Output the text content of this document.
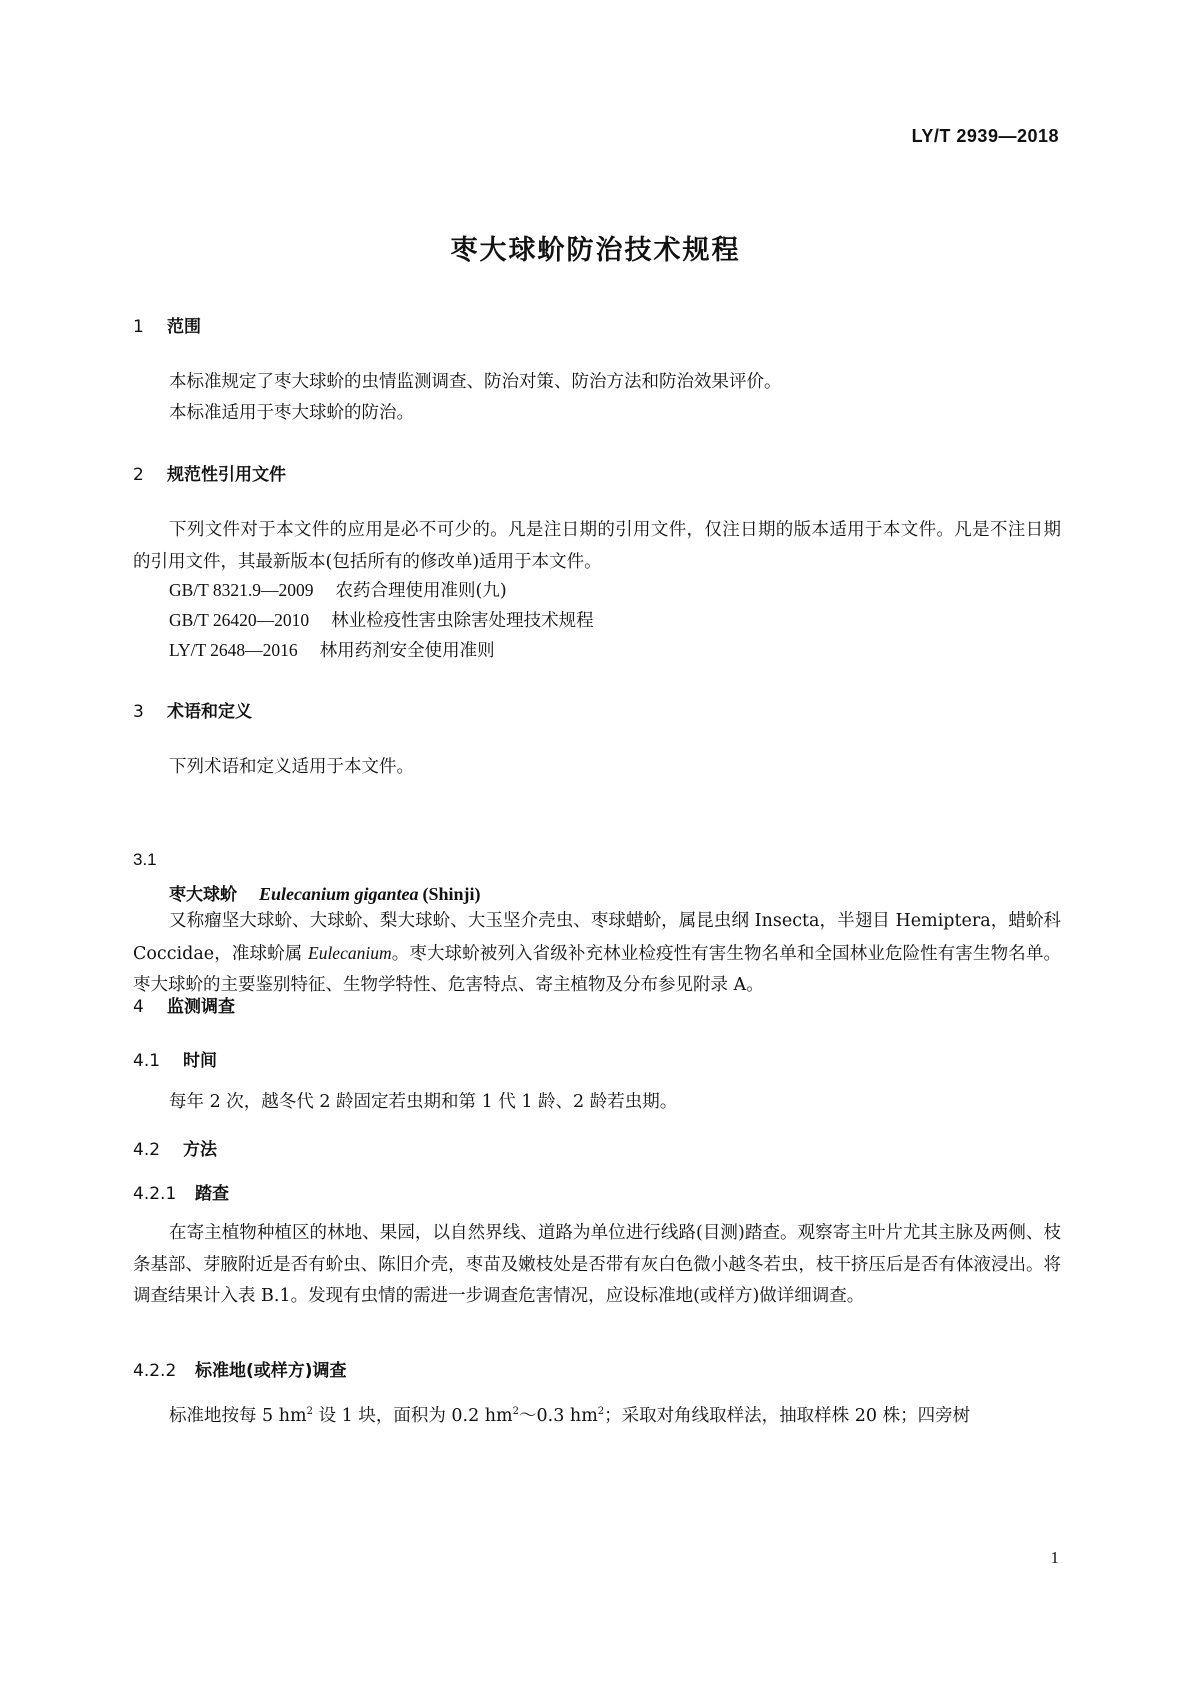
LY/T 2939—2018
枣大球蚧防治技术规程
1 范围
本标准规定了枣大球蚧的虫情监测调查、防治对策、防治方法和防治效果评价。
本标准适用于枣大球蚧的防治。
2 规范性引用文件
下列文件对于本文件的应用是必不可少的。凡是注日期的引用文件，仅注日期的版本适用于本文件。凡是不注日期的引用文件，其最新版本(包括所有的修改单)适用于本文件。
GB/T 8321.9—2009 农药合理使用准则(九)
GB/T 26420—2010 林业检疫性害虫除害处理技术规程
LY/T 2648—2016 林用药剂安全使用准则
3 术语和定义
下列术语和定义适用于本文件。
3.1
枣大球蚧 Eulecanium gigantea (Shinji)
又称瘤坚大球蚧、大球蚧、梨大球蚧、大玉坚介壳虫、枣球蜡蚧，属昆虫纲 Insecta，半翅目 Hemiptera，蜡蚧科 Coccidae，准球蚧属 Eulecanium。枣大球蚧被列入省级补充林业检疫性有害生物名单和全国林业危险性有害生物名单。枣大球蚧的主要鉴别特征、生物学特性、危害特点、寄主植物及分布参见附录 A。
4 监测调查
4.1 时间
每年 2 次，越冬代 2 龄固定若虫期和第 1 代 1 龄、2 龄若虫期。
4.2 方法
4.2.1 踏查
在寄主植物种植区的林地、果园，以自然界线、道路为单位进行线路(目测)踏查。观察寄主叶片尤其主脉及两侧、枝条基部、芽腋附近是否有蚧虫、陈旧介壳，枣苗及嫩枝处是否带有灰白色微小越冬若虫，枝干挤压后是否有体液浸出。将调查结果计入表 B.1。发现有虫情的需进一步调查危害情况，应设标准地(或样方)做详细调查。
4.2.2 标准地(或样方)调查
标准地按每 5 $hm^2$ 设 1 块，面积为 0.2 $hm^2\sim 0.3$ $hm^2$；采取对角线取样法，抽取样株 20 株；四旁树
1
